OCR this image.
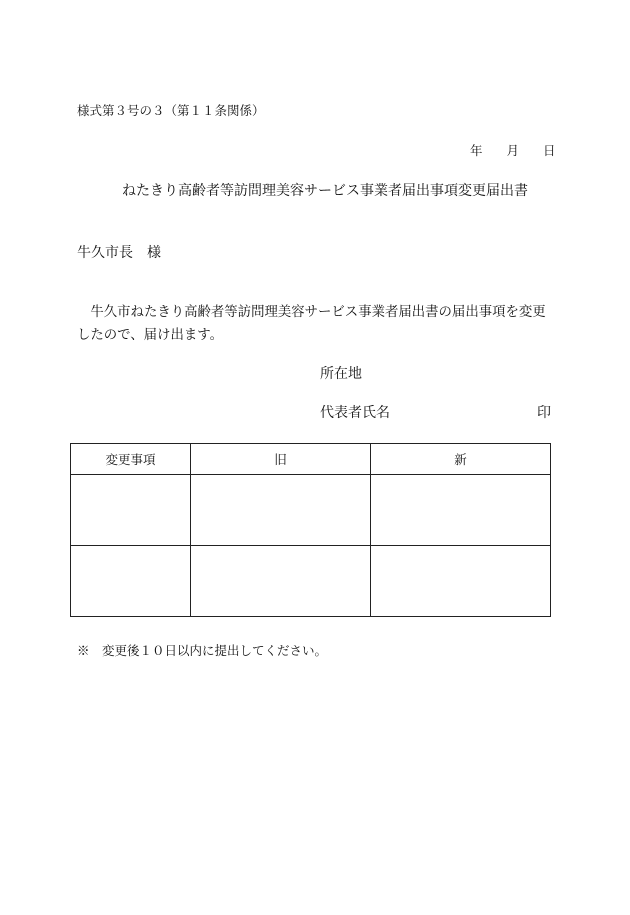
様式第３号の３（第１１条関係）
年 月 日
ねたきり高齢者等訪問理美容サービス事業者届出事項変更届出書
牛久市長　様
牛久市ねたきり高齢者等訪問理美容サービス事業者届出書の届出事項を変更したので、届け出ます。
所在地
代表者氏名	印
変更事項	旧	新

※　変更後１０日以内に提出してください。
